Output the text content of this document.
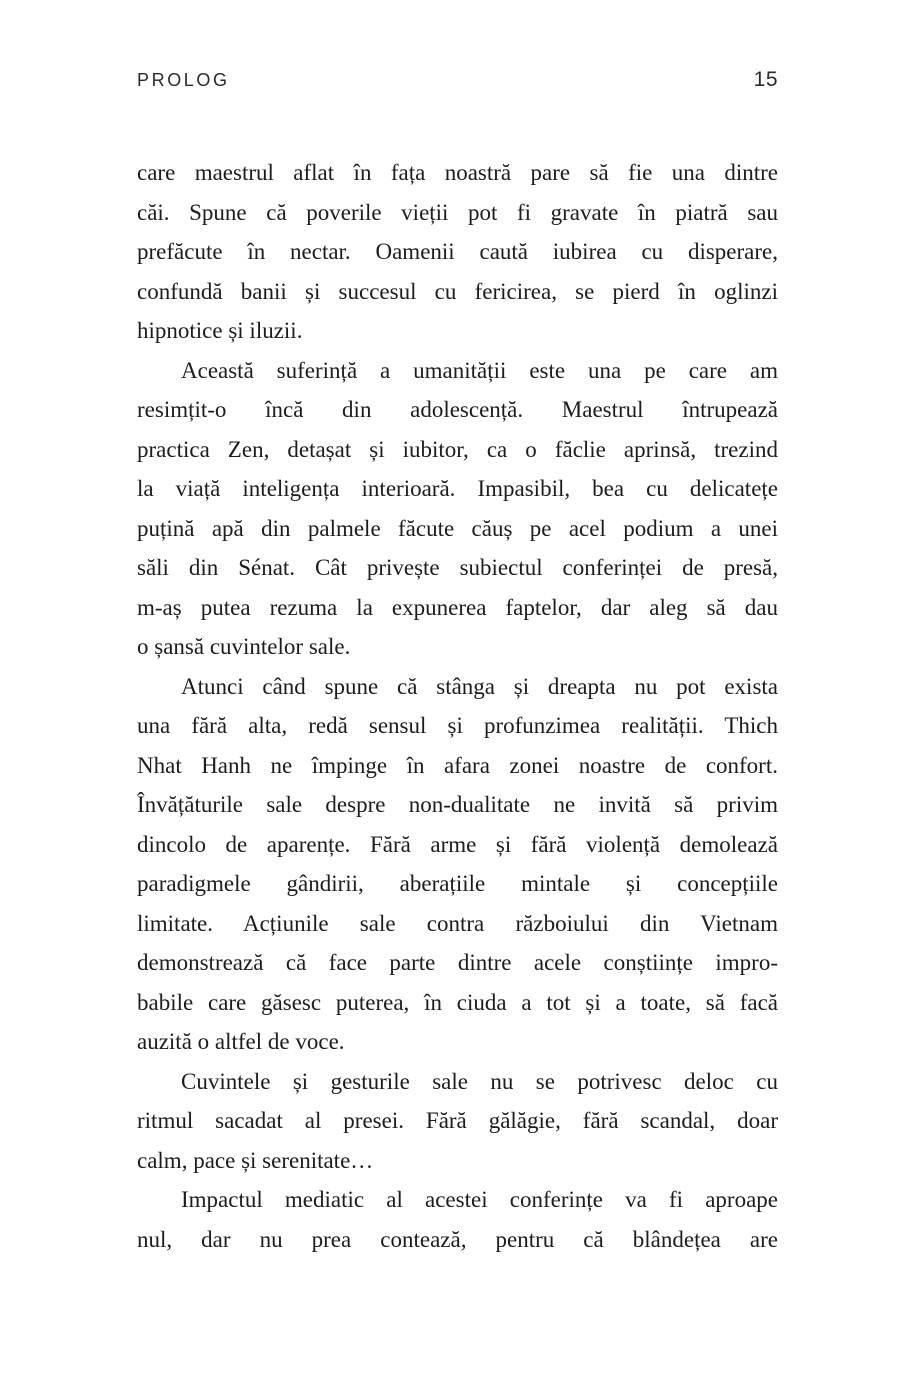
PROLOG	15
care maestrul aflat în fața noastră pare să fie una dintre
căi. Spune că poverile vieții pot fi gravate în piatră sau
prefăcute în nectar. Oamenii caută iubirea cu disperare,
confundă banii și succesul cu fericirea, se pierd în oglinzi
hipnotice și iluzii.
Această suferință a umanității este una pe care am
resimțit-o încă din adolescență. Maestrul întrupează
practica Zen, detașat și iubitor, ca o făclie aprinsă, trezind
la viață inteligența interioară. Impasibil, bea cu delicatețe
puțină apă din palmele făcute căuș pe acel podium a unei
săli din Sénat. Cât privește subiectul conferinței de presă,
m-aș putea rezuma la expunerea faptelor, dar aleg să dau
o șansă cuvintelor sale.
Atunci când spune că stânga și dreapta nu pot exista
una fără alta, redă sensul și profunzimea realității. Thich
Nhat Hanh ne împinge în afara zonei noastre de confort.
Învățăturile sale despre non-dualitate ne invită să privim
dincolo de aparențe. Fără arme și fără violență demolează
paradigmele gândirii, aberațiile mintale și concepțiile
limitate. Acțiunile sale contra războiului din Vietnam
demonstrează că face parte dintre acele conștiințe impro-
babile care găsesc puterea, în ciuda a tot și a toate, să facă
auzită o altfel de voce.
Cuvintele și gesturile sale nu se potrivesc deloc cu
ritmul sacadat al presei. Fără gălăgie, fără scandal, doar
calm, pace și serenitate…
Impactul mediatic al acestei conferințe va fi aproape
nul, dar nu prea contează, pentru că blândețea are
